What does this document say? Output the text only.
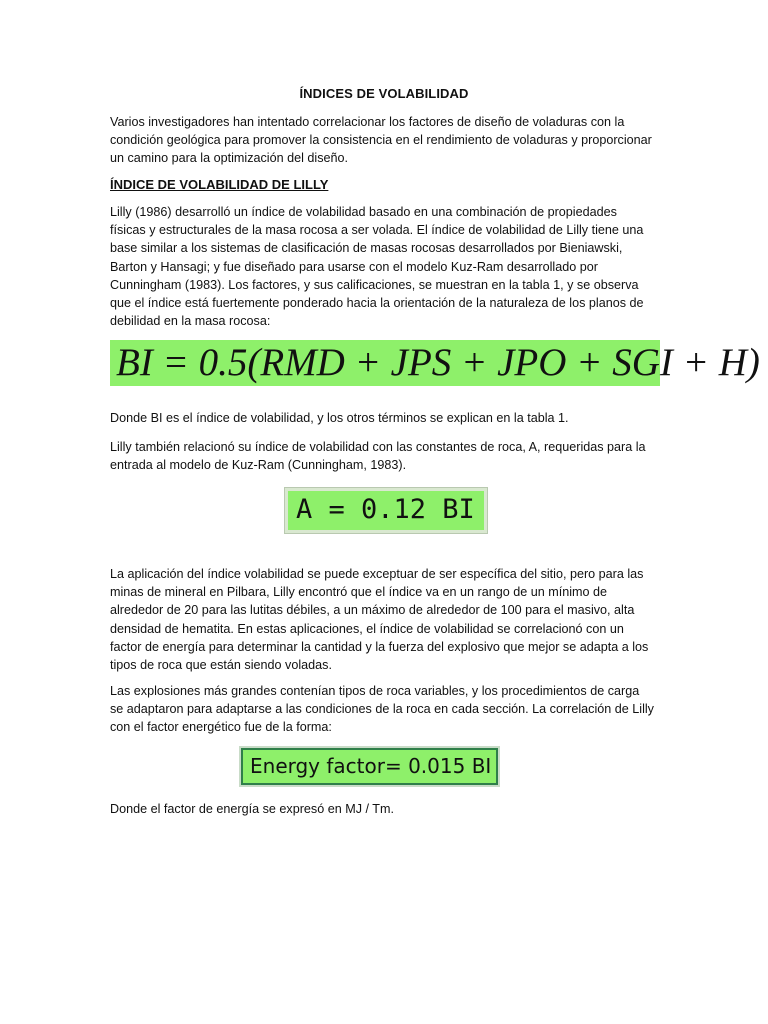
ÍNDICES DE VOLABILIDAD
Varios investigadores han intentado correlacionar los factores de diseño de voladuras con la condición geológica para promover la consistencia en el rendimiento de voladuras y proporcionar un camino para la optimización del diseño.
ÍNDICE DE VOLABILIDAD DE LILLY
Lilly (1986) desarrolló un índice de volabilidad basado en una combinación de propiedades físicas y estructurales de la masa rocosa a ser volada. El índice de volabilidad de Lilly tiene una base similar a los sistemas de clasificación de masas rocosas desarrollados por Bieniawski, Barton y Hansagi; y fue diseñado para usarse con el modelo Kuz-Ram desarrollado por Cunningham (1983). Los factores, y sus calificaciones, se muestran en la tabla 1, y se observa que el índice está fuertemente ponderado hacia la orientación de la naturaleza de los planos de debilidad en la masa rocosa:
BI = 0.5(RMD + JPS + JPO + SGI + H)
Donde BI es el índice de volabilidad, y los otros términos se explican en la tabla 1.
Lilly también relacionó su índice de volabilidad con las constantes de roca, A, requeridas para la entrada al modelo de Kuz-Ram (Cunningham, 1983).
A = 0.12 BI
La aplicación del índice volabilidad se puede exceptuar de ser específica del sitio, pero para las minas de mineral en Pilbara, Lilly encontró que el índice va en un rango de un mínimo de alrededor de 20 para las lutitas débiles, a un máximo de alrededor de 100 para el masivo, alta densidad de hematita. En estas aplicaciones, el índice de volabilidad se correlacionó con un factor de energía para determinar la cantidad y la fuerza del explosivo que mejor se adapta a los tipos de roca que están siendo voladas.
Las explosiones más grandes contenían tipos de roca variables, y los procedimientos de carga se adaptaron para adaptarse a las condiciones de la roca en cada sección. La correlación de Lilly con el factor energético fue de la forma:
Energy factor= 0.015 BI
Donde el factor de energía se expresó en MJ / Tm.
